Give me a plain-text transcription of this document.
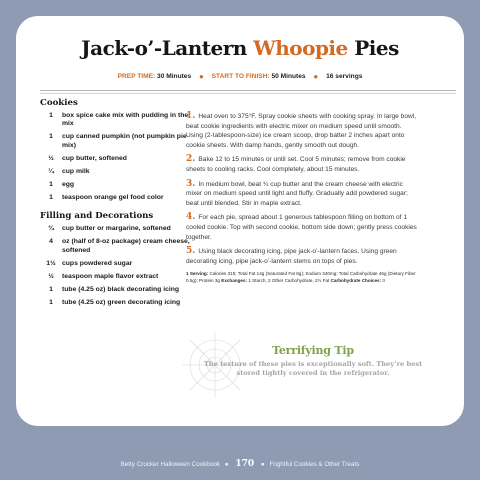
Jack-o’-Lantern Whoopie Pies
PREP TIME: 30 Minutes ● START TO FINISH: 50 Minutes ● 16 servings
Cookies
1	box spice cake mix with pudding in the mix
1	cup canned pumpkin (not pumpkin pie mix)
½	cup butter, softened
¼	cup milk
1	egg
1	teaspoon orange gel food color
Filling and Decorations
¾	cup butter or margarine, softened
4	oz (half of 8-oz package) cream cheese, softened
1½ cups powdered sugar
½	teaspoon maple flavor extract
1	tube (4.25 oz) black decorating icing
1	tube (4.25 oz) green decorating icing
1. Heat oven to 375°F. Spray cookie sheets with cooking spray. In large bowl, beat cookie ingredients with electric mixer on medium speed until smooth. Using (2-tablespoon-size) ice cream scoop, drop batter 2 inches apart onto cookie sheets. With damp hands, gently smooth out dough.
2. Bake 12 to 15 minutes or until set. Cool 5 minutes; remove from cookie sheets to cooling racks. Cool completely, about 15 minutes.
3. In medium bowl, beat ¾ cup butter and the cream cheese with electric mixer on medium speed until light and fluffy. Gradually add powdered sugar; beat until blended. Stir in maple extract.
4. For each pie, spread about 1 generous tablespoon filling on bottom of 1 cooled cookie. Top with second cookie, bottom side down; gently press cookies together.
5. Using black decorating icing, pipe jack-o’-lantern faces. Using green decorating icing, pipe jack-o’-lantern stems on tops of pies.
1 Serving: Calories 315; Total Fat 14g (Saturated Fat 8g); Sodium 340mg; Total Carbohydrate 46g (Dietary Fiber 0.5g); Protein 3g Exchanges: 1 Starch, 2 Other Carbohydrate, 2½ Fat Carbohydrate Choices: 3
Terrifying Tip
The texture of these pies is exceptionally soft. They’re best stored tightly covered in the refrigerator.
Betty Crocker Halloween Cookbook ● 170 ● Frightful Cookies & Other Treats
